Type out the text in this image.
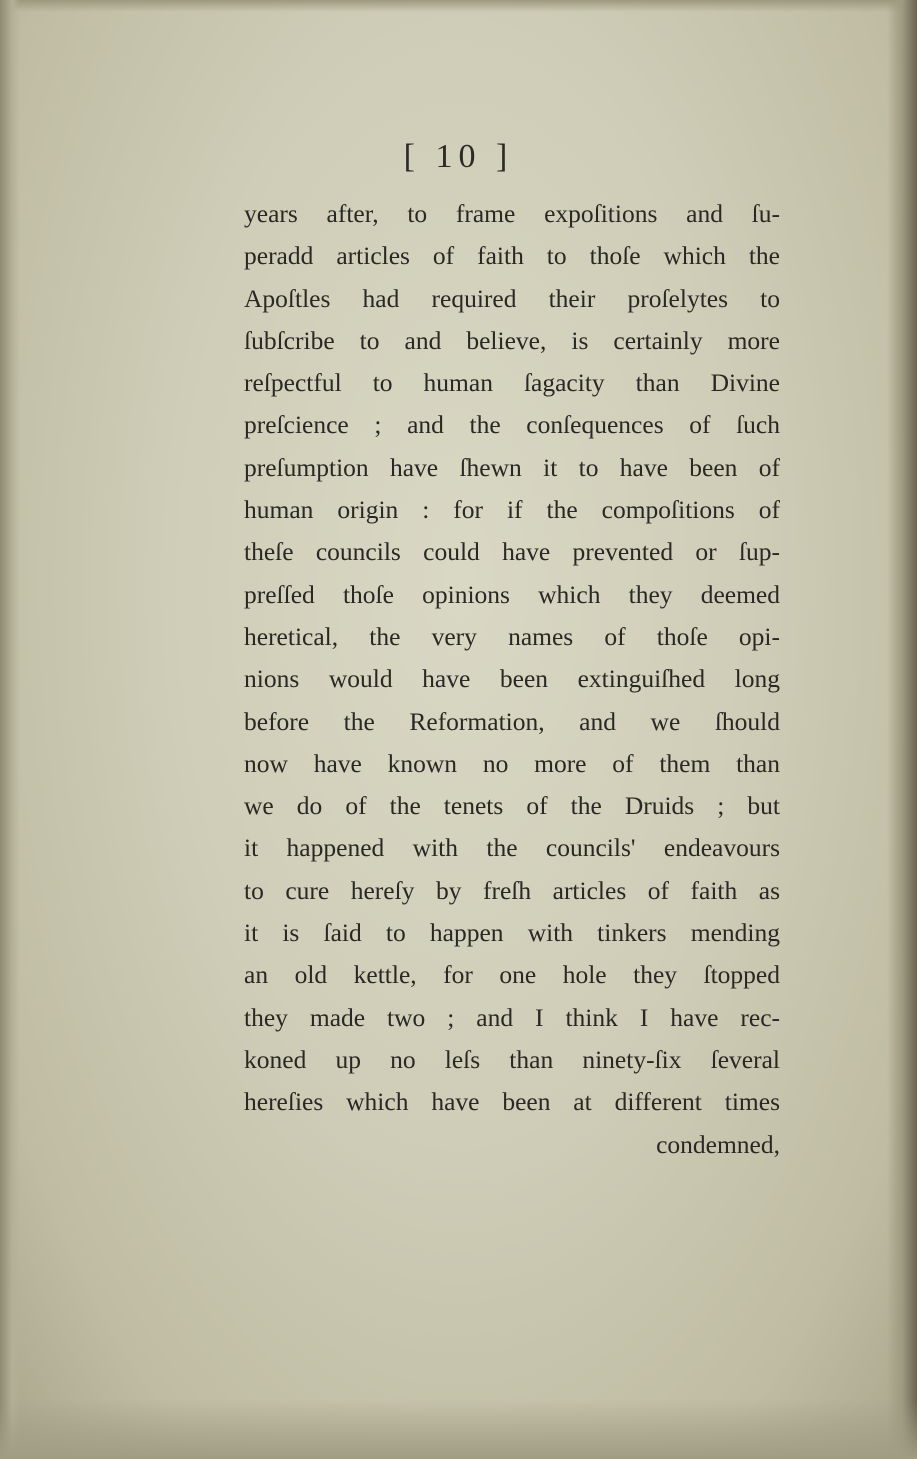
[ 10 ]
years after, to frame expoſitions and ſu-
peradd articles of faith to thoſe which the
Apoſtles had required their proſelytes to
ſubſcribe to and believe, is certainly more
reſpectful to human ſagacity than Divine
preſcience ; and the conſequences of ſuch
preſumption have ſhewn it to have been of
human origin : for if the compoſitions of
theſe councils could have prevented or ſup-
preſſed thoſe opinions which they deemed
heretical, the very names of thoſe opi-
nions would have been extinguiſhed long
before the Reformation, and we ſhould
now have known no more of them than
we do of the tenets of the Druids ; but
it happened with the councils' endeavours
to cure hereſy by freſh articles of faith as
it is ſaid to happen with tinkers mending
an old kettle, for one hole they ſtopped
they made two ; and I think I have rec-
koned up no leſs than ninety-ſix ſeveral
hereſies which have been at different times
condemned,
